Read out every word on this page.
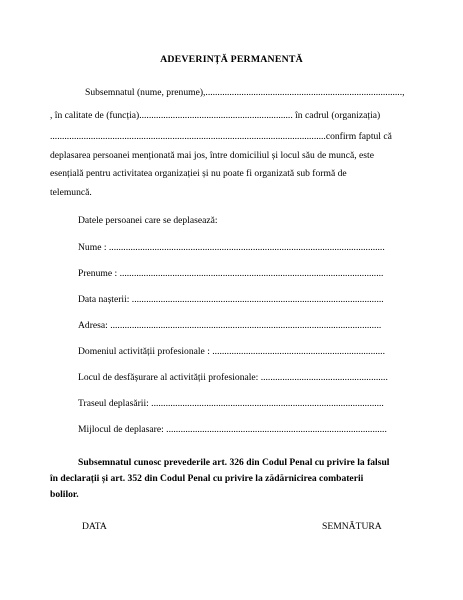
ADEVERINȚĂ PERMANENTĂ
Subsemnatul (nume, prenume),..................................................................................,
, în calitate de (funcția)................................................................ în cadrul (organizația)
...................................................................................................................confirm faptul că
deplasarea persoanei menționată mai jos, între domiciliul și locul său de muncă, este
esențială pentru activitatea organizației și nu poate fi organizată sub formă de
telemuncă.
Datele persoanei care se deplasează:
Nume : ...................................................................................................................
Prenume : ..............................................................................................................
Data nașterii: .........................................................................................................
Adresa: .................................................................................................................
Domeniul activității profesionale : ........................................................................
Locul de desfășurare al activității profesionale: .....................................................
Traseul deplasării: .................................................................................................
Mijlocul de deplasare: ............................................................................................
Subsemnatul cunosc prevederile art. 326 din Codul Penal cu privire la falsul
în declarații și art. 352 din Codul Penal cu privire la zădărnicirea combaterii
bolilor.
DATA	SEMNĂTURA
